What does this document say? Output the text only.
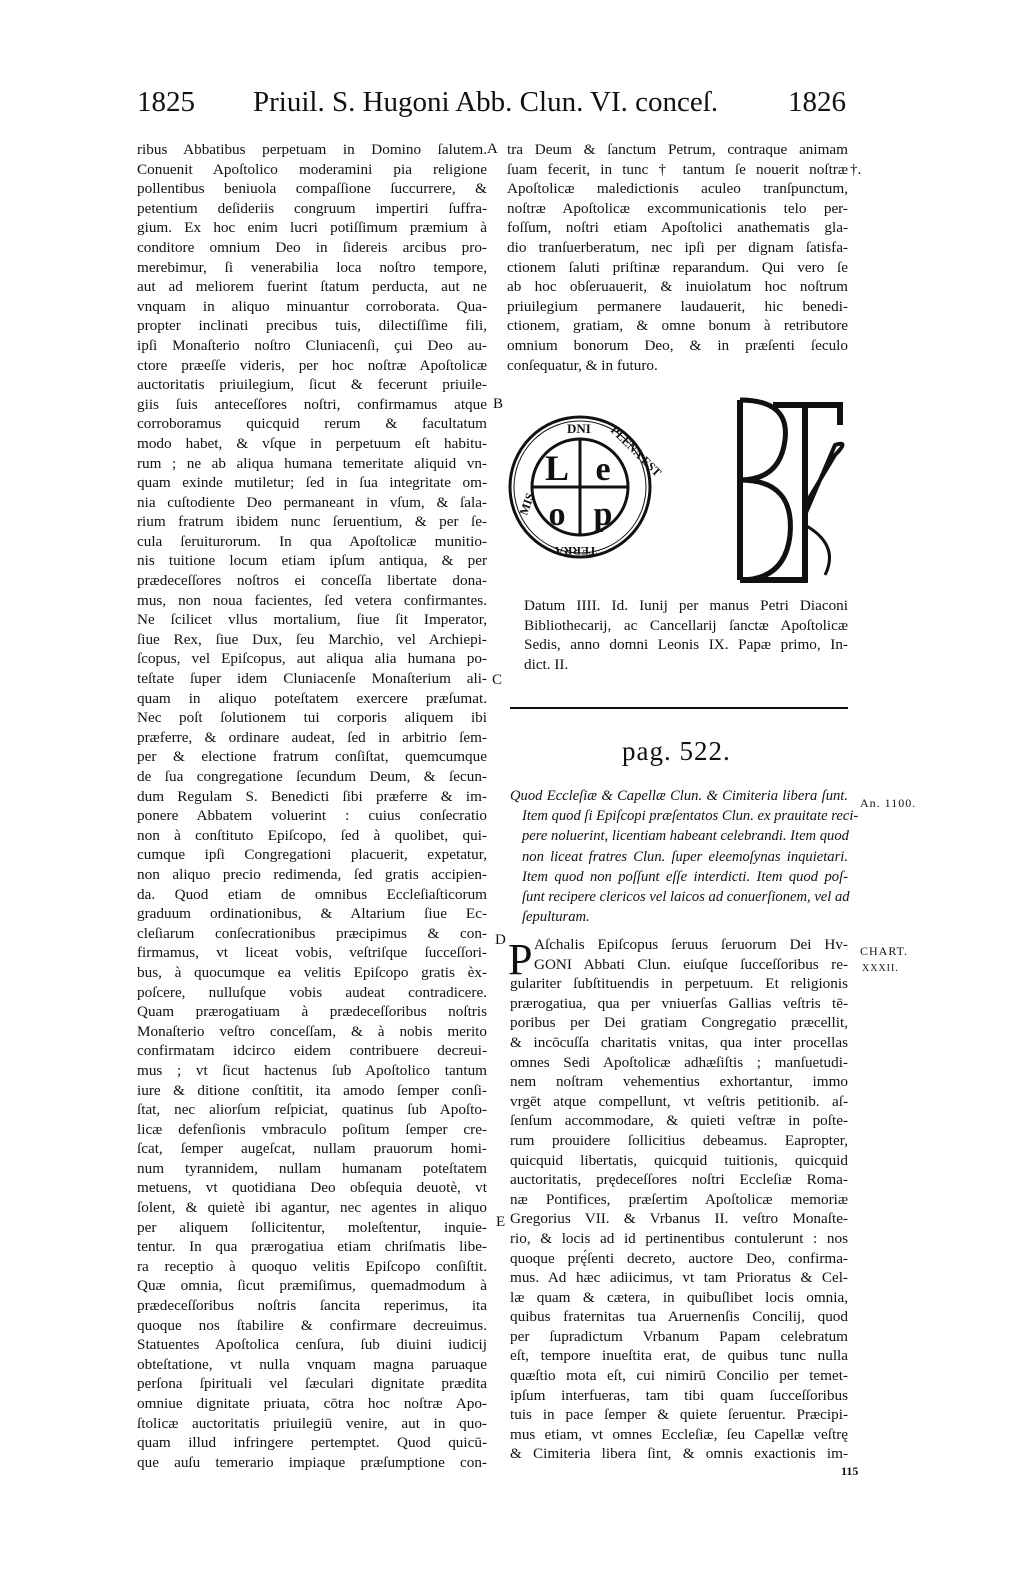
1825 Priuil. S. Hugoni Abb. Clun. VI. conceſ. 1826
ribus Abbatibus perpetuam in Domino ſalutem.
Conuenit Apoſtolico moderamini pia religione
pollentibus beniuola compaſſione ſuccurrere, &
petentium deſideriis congruum impertiri ſuffra-
gium. Ex hoc enim lucri potiſſimum præmium à
conditore omnium Deo in ſidereis arcibus pro-
merebimur, ſi venerabilia loca noſtro tempore,
aut ad meliorem fuerint ſtatum perducta, aut ne
vnquam in aliquo minuantur corroborata. Qua-
propter inclinati precibus tuis, dilectiſſime fili,
ipſi Monaſterio noſtro Cluniacenſi, çui Deo au-
ctore præeſſe videris, per hoc noſtræ Apoſtolicæ
auctoritatis priuilegium, ſicut & fecerunt priuile-
giis ſuis anteceſſores noſtri, confirmamus atque
corroboramus quicquid rerum & facultatum
modo habet, & vſque in perpetuum eſt habitu-
rum ; ne ab aliqua humana temeritate aliquid vn-
quam exinde mutiletur; ſed in ſua integritate om-
nia cuſtodiente Deo permaneant in vſum, & ſala-
rium fratrum ibidem nunc ſeruentium, & per ſe-
cula ſeruiturorum. In qua Apoſtolicæ munitio-
nis tuitione locum etiam ipſum antiqua, & per
prædeceſſores noſtros ei conceſſa libertate dona-
mus, non noua facientes, ſed vetera confirmantes.
Ne ſcilicet vllus mortalium, ſiue ſit Imperator,
ſiue Rex, ſiue Dux, ſeu Marchio, vel Archiepi-
ſcopus, vel Epiſcopus, aut aliqua alia humana po-
teſtate ſuper idem Cluniacenſe Monaſterium ali-
quam in aliquo poteſtatem exercere præſumat.
Nec poſt ſolutionem tui corporis aliquem ibi
præferre, & ordinare audeat, ſed in arbitrio ſem-
per & electione fratrum conſiſtat, quemcumque
de ſua congregatione ſecundum Deum, & ſecun-
dum Regulam S. Benedicti ſibi præferre & im-
ponere Abbatem voluerint : cuius conſecratio
non à conſtituto Epiſcopo, ſed à quolibet, qui-
cumque ipſi Congregationi placuerit, expetatur,
non aliquo precio redimenda, ſed gratis accipien-
da. Quod etiam de omnibus Eccleſiaſticorum
graduum ordinationibus, & Altarium ſiue Ec-
cleſiarum conſecrationibus præcipimus & con-
firmamus, vt liceat vobis, veſtriſque ſucceſſori-
bus, à quocumque ea velitis Epiſcopo gratis èx-
poſcere, nulluſque vobis audeat contradicere.
Quam prærogatiuam à prædeceſſoribus noſtris
Monaſterio veſtro conceſſam, & à nobis merito
confirmatam idcirco eidem contribuere decreui-
mus ; vt ſicut hactenus ſub Apoſtolico tantum
iure & ditione conſtitit, ita amodo ſemper conſi-
ſtat, nec aliorſum reſpiciat, quatinus ſub Apoſto-
licæ defenſionis vmbraculo poſitum ſemper cre-
ſcat, ſemper augeſcat, nullam prauorum homi-
num tyrannidem, nullam humanam poteſtatem
metuens, vt quotidiana Deo obſequia deuotè, vt
ſolent, & quietè ibi agantur, nec agentes in aliquo
per aliquem ſollicitentur, moleſtentur, inquie-
tentur. In qua prærogatiua etiam chriſmatis libe-
ra receptio à quoquo velitis Epiſcopo conſiſtit.
Quæ omnia, ſicut præmiſimus, quemadmodum à
prædeceſſoribus noſtris ſancita reperimus, ita
quoque nos ſtabilire & confirmare decreuimus.
Statuentes Apoſtolica cenſura, ſub diuini iudicij
obteſtatione, vt nulla vnquam magna paruaque
perſona ſpirituali vel ſæculari dignitate prædita
omniue dignitate priuata, cōtra hoc noſtræ Apo-
ſtolicæ auctoritatis priuilegiū venire, aut in quo-
quam illud infringere pertemptet. Quod quicū-
que auſu temerario impiaque præſumptione con-
tra Deum & ſanctum Petrum, contraque animam
ſuam fecerit, in tunc † tantum ſe nouerit noſtræ
Apoſtolicæ maledictionis aculeo tranſpunctum,
noſtræ Apoſtolicæ excommunicationis telo per-
foſſum, noſtri etiam Apoſtolici anathematis gla-
dio tranſuerberatum, nec ipſi per dignam ſatisfa-
ctionem ſaluti priſtinæ reparandum. Qui vero ſe
ab hoc obſeruauerit, & inuiolatum hoc noſtrum
priuilegium permanere laudauerit, hic benedi-
ctionem, gratiam, & omne bonum à retributore
omnium bonorum Deo, & in præſenti ſeculo
conſequatur, & in futuro.
L e
o p
DNI PLENA EST
TERRA
MIS
Datum IIII. Id. Iunij per manus Petri Diaconi
Bibliothecarij, ac Cancellarij ſanctæ Apoſtolicæ
Sedis, anno domni Leonis IX. Papæ primo, In-
dict. II.
pag. 522.
Quod Eccleſiæ & Capellæ Clun. & Cimiteria libera ſunt.
Item quod ſi Epiſcopi præſentatos Clun. ex prauitate reci-
pere noluerint, licentiam habeant celebrandi. Item quod
non liceat fratres Clun. ſuper eleemoſynas inquietari.
Item quod non poſſunt eſſe interdicti. Item quod poſ-
ſunt recipere clericos vel laicos ad conuerſionem, vel ad
ſepulturam.
P Aſchalis Epiſcopus ſeruus ſeruorum Dei Hv-
GONI Abbati Clun. eiuſque ſucceſſoribus re-
gulariter ſubſtituendis in perpetuum. Et religionis
prærogatiua, qua per vniuerſas Gallias veſtris tē-
poribus per Dei gratiam Congregatio præcellit,
& incōcuſſa charitatis vnitas, qua inter procellas
omnes Sedi Apoſtolicæ adhæſiſtis ; manſuetudi-
nem noſtram vehementius exhortantur, immo
vrgēt atque compellunt, vt veſtris petitionib. aſ-
ſenſum accommodare, & quieti veſtræ in poſte-
rum prouidere ſollicitius debeamus. Eapropter,
quicquid libertatis, quicquid tuitionis, quicquid
auctoritatis, prędeceſſores noſtri Eccleſiæ Roma-
næ Pontifices, præſertim Apoſtolicæ memoriæ
Gregorius VII. & Vrbanus II. veſtro Monaſte-
rio, & locis ad id pertinentibus contulerunt : nos
quoque prę́ſenti decreto, auctore Deo, confirma-
mus. Ad hæc adiicimus, vt tam Prioratus & Cel-
læ quam & cætera, in quibuſlibet locis omnia,
quibus fraternitas tua Aruernenſis Concilij, quod
per ſupradictum Vrbanum Papam celebratum
eſt, tempore inueſtita erat, de quibus tunc nulla
quæſtio mota eſt, cui nimirū Concilio per temet-
ipſum interfueras, tam tibi quam ſucceſſoribus
tuis in pace ſemper & quiete ſeruentur. Præcipi-
mus etiam, vt omnes Eccleſiæ, ſeu Capellæ veſtrę
& Cimiteria libera ſint, & omnis exactionis im-
A
B
C
D
E
†.
An. 1100.
CHART.
XXXII.
115
